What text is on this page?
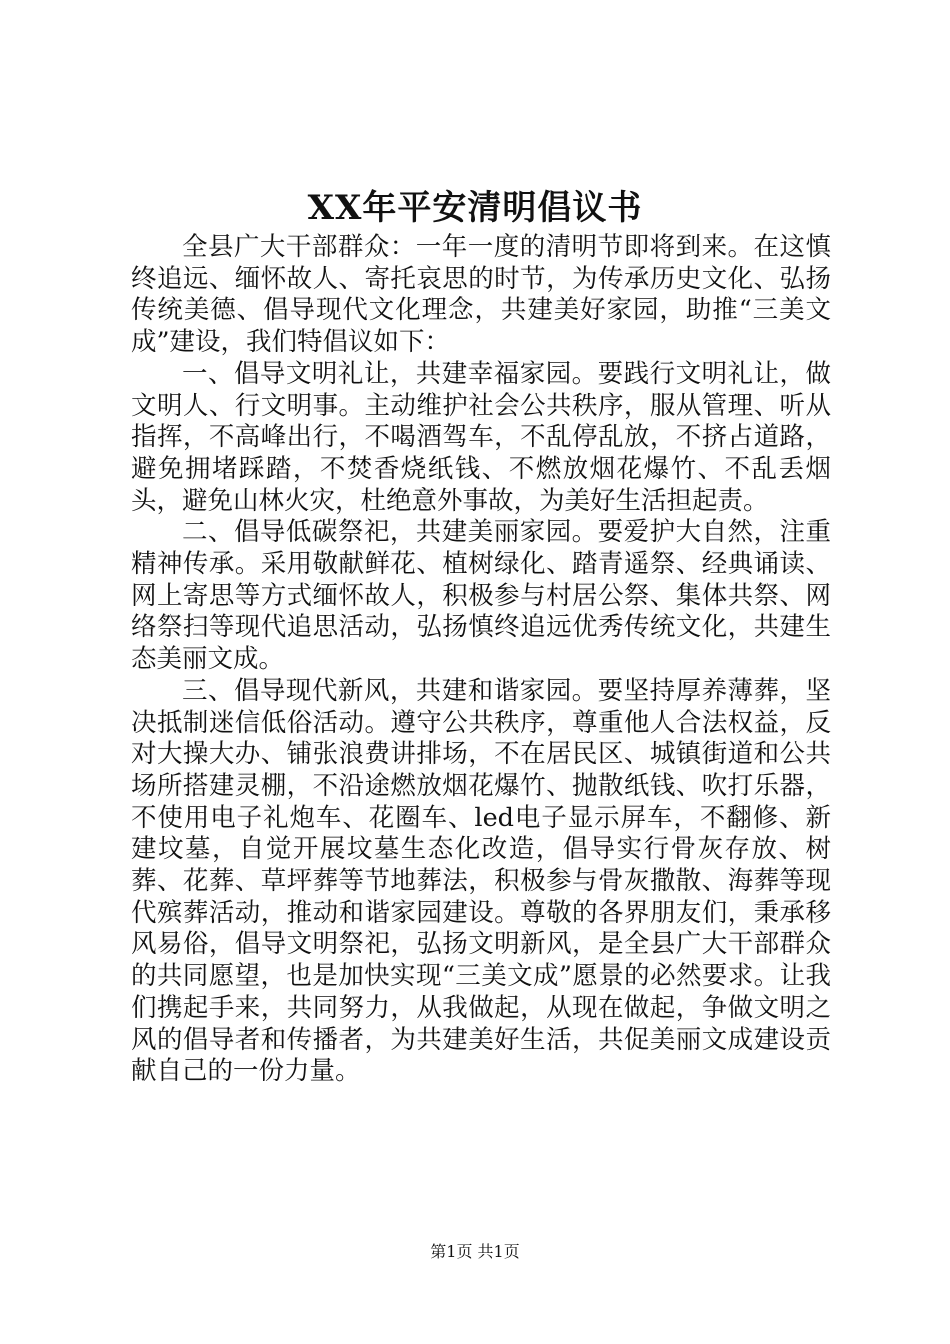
XX年平安清明倡议书

全县广大干部群众：一年一度的清明节即将到来。在这慎终追远、缅怀故人、寄托哀思的时节，为传承历史文化、弘扬传统美德、倡导现代文化理念，共建美好家园，助推“三美文成”建设，我们特倡议如下：

一、倡导文明礼让，共建幸福家园。要践行文明礼让，做文明人、行文明事。主动维护社会公共秩序，服从管理、听从指挥，不高峰出行，不喝酒驾车，不乱停乱放，不挤占道路，避免拥堵踩踏，不焚香烧纸钱、不燃放烟花爆竹、不乱丢烟头，避免山林火灾，杜绝意外事故，为美好生活担起责。

二、倡导低碳祭祀，共建美丽家园。要爱护大自然，注重精神传承。采用敬献鲜花、植树绿化、踏青遥祭、经典诵读、网上寄思等方式缅怀故人，积极参与村居公祭、集体共祭、网络祭扫等现代追思活动，弘扬慎终追远优秀传统文化，共建生态美丽文成。

三、倡导现代新风，共建和谐家园。要坚持厚养薄葬，坚决抵制迷信低俗活动。遵守公共秩序，尊重他人合法权益，反对大操大办、铺张浪费讲排场，不在居民区、城镇街道和公共场所搭建灵棚，不沿途燃放烟花爆竹、抛散纸钱、吹打乐器，不使用电子礼炮车、花圈车、led电子显示屏车，不翻修、新建坟墓，自觉开展坟墓生态化改造，倡导实行骨灰存放、树葬、花葬、草坪葬等节地葬法，积极参与骨灰撒散、海葬等现代殡葬活动，推动和谐家园建设。尊敬的各界朋友们，秉承移风易俗，倡导文明祭祀，弘扬文明新风，是全县广大干部群众的共同愿望，也是加快实现“三美文成”愿景的必然要求。让我们携起手来，共同努力，从我做起，从现在做起，争做文明之风的倡导者和传播者，为共建美好生活，共促美丽文成建设贡献自己的一份力量。

第1页 共1页
